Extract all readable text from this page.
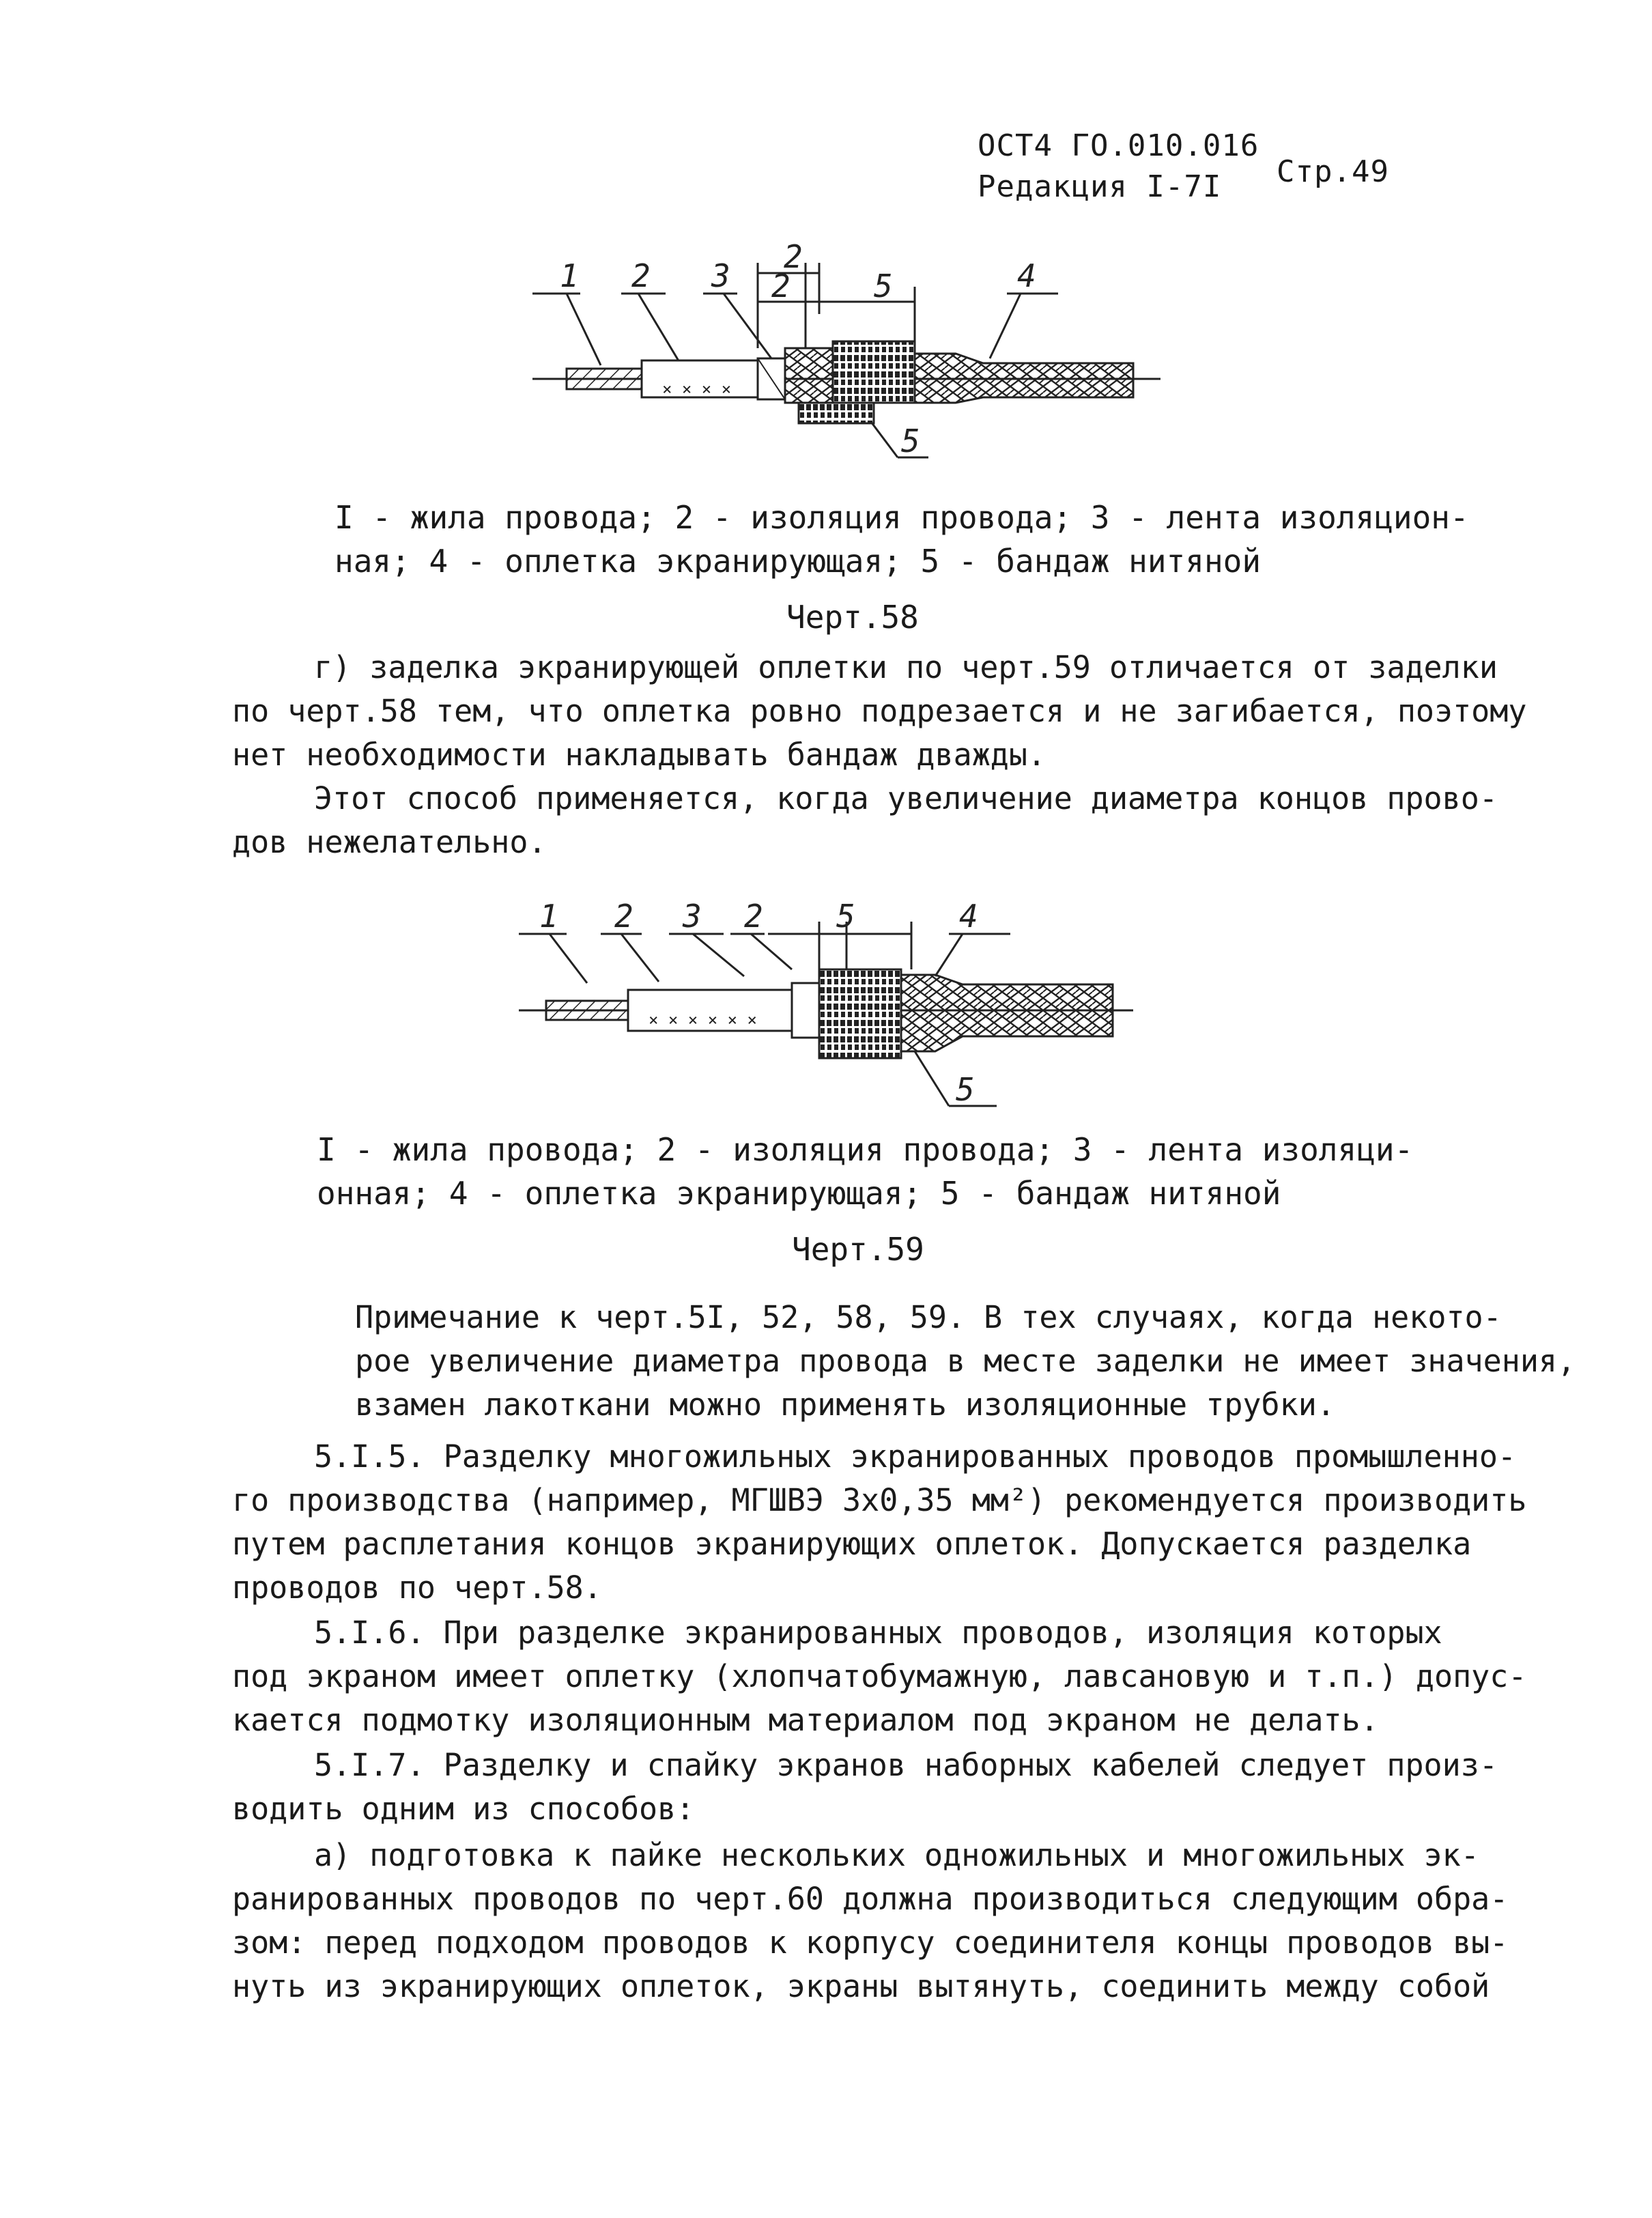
ОСТ4 ГО.010.016
Редакция I-7I Стр.49
1 2 3	4
5
2
2	5
× × × ×
I - жила провода; 2 - изоляция провода; 3 - лента изоляцион-
ная; 4 - оплетка экранирующая; 5 - бандаж нитяной
Черт.58
г) заделка экранирующей оплетки по черт.59 отличается от заделки
по черт.58 тем, что оплетка ровно подрезается и не загибается, поэтому
нет необходимости накладывать бандаж дважды.
Этот способ применяется, когда увеличение диаметра концов прово-
дов нежелательно.
1 2 3	4
5
2 5
× × × × × ×
I - жила провода; 2 - изоляция провода; 3 - лента изоляци-
онная; 4 - оплетка экранирующая; 5 - бандаж нитяной
Черт.59
Примечание к черт.5I, 52, 58, 59. В тех случаях, когда некото-
рое увеличение диаметра провода в месте заделки не имеет значения,
взамен лакоткани можно применять изоляционные трубки.
5.I.5. Разделку многожильных экранированных проводов промышленно-
го производства (например, МГШВЭ 3х0,35 мм²) рекомендуется производить
путем расплетания концов экранирующих оплеток. Допускается разделка
проводов по черт.58.
5.I.6. При разделке экранированных проводов, изоляция которых
под экраном имеет оплетку (хлопчатобумажную, лавсановую и т.п.) допус-
кается подмотку изоляционным материалом под экраном не делать.
5.I.7. Разделку и спайку экранов наборных кабелей следует произ-
водить одним из способов:
а) подготовка к пайке нескольких одножильных и многожильных эк-
ранированных проводов по черт.60 должна производиться следующим обра-
зом: перед подходом проводов к корпусу соединителя концы проводов вы-
нуть из экранирующих оплеток, экраны вытянуть, соединить между собой
